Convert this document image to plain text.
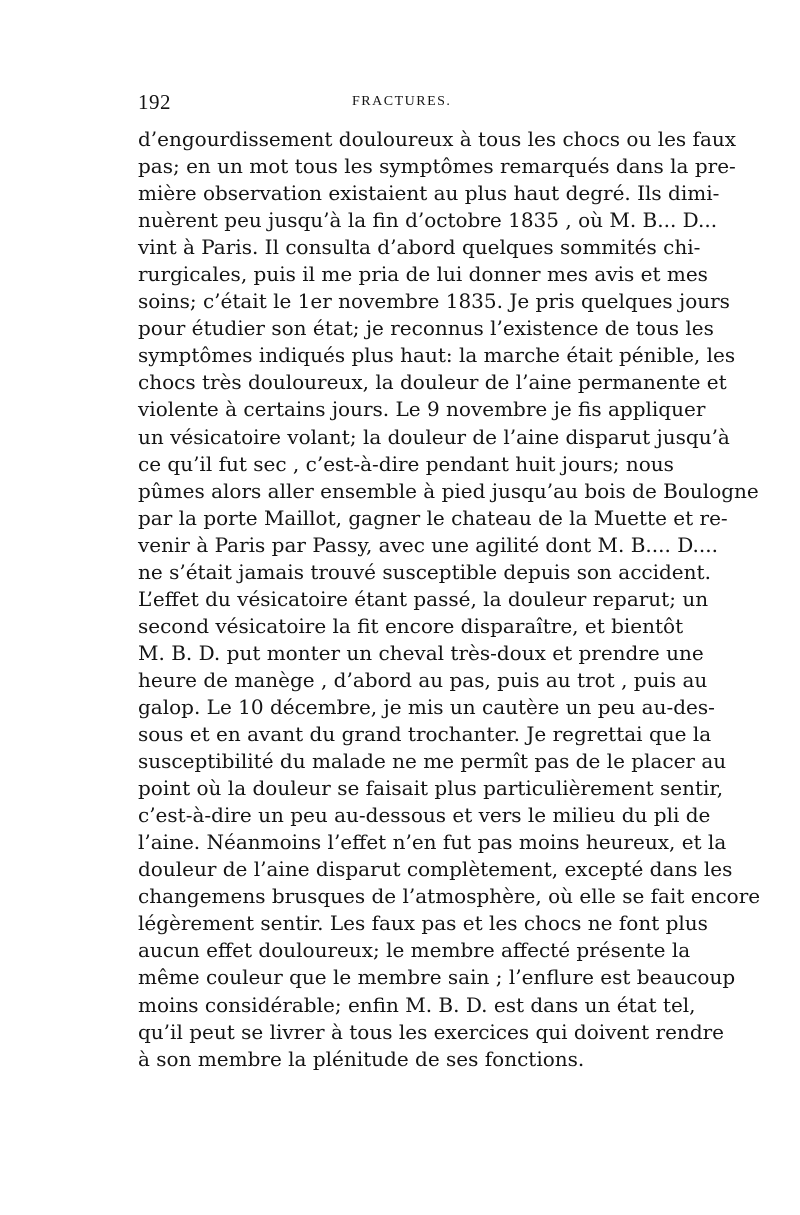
192	FRACTURES.
d’engourdissement douloureux à tous les chocs ou les faux
pas; en un mot tous les symptômes remarqués dans la pre-
mière observation existaient au plus haut degré. Ils dimi-
nuèrent peu jusqu’à la fin d’octobre 1835 , où M. B... D...
vint à Paris. Il consulta d’abord quelques sommités chi-
rurgicales, puis il me pria de lui donner mes avis et mes
soins; c’était le 1er novembre 1835. Je pris quelques jours
pour étudier son état; je reconnus l’existence de tous les
symptômes indiqués plus haut: la marche était pénible, les
chocs très douloureux, la douleur de l’aine permanente et
violente à certains jours. Le 9 novembre je fis appliquer
un vésicatoire volant; la douleur de l’aine disparut jusqu’à
ce qu’il fut sec , c’est-à-dire pendant huit jours; nous
pûmes alors aller ensemble à pied jusqu’au bois de Boulogne
par la porte Maillot, gagner le chateau de la Muette et re-
venir à Paris par Passy, avec une agilité dont M. B.... D....
ne s’était jamais trouvé susceptible depuis son accident.
L’effet du vésicatoire étant passé, la douleur reparut; un
second vésicatoire la fit encore disparaître, et bientôt
M. B. D. put monter un cheval très-doux et prendre une
heure de manège , d’abord au pas, puis au trot , puis au
galop. Le 10 décembre, je mis un cautère un peu au-des-
sous et en avant du grand trochanter. Je regrettai que la
susceptibilité du malade ne me permît pas de le placer au
point où la douleur se faisait plus particulièrement sentir,
c’est-à-dire un peu au-dessous et vers le milieu du pli de
l’aine. Néanmoins l’effet n’en fut pas moins heureux, et la
douleur de l’aine disparut complètement, excepté dans les
changemens brusques de l’atmosphère, où elle se fait encore
légèrement sentir. Les faux pas et les chocs ne font plus
aucun effet douloureux; le membre affecté présente la
même couleur que le membre sain ; l’enflure est beaucoup
moins considérable; enfin M. B. D. est dans un état tel,
qu’il peut se livrer à tous les exercices qui doivent rendre
à son membre la plénitude de ses fonctions.
